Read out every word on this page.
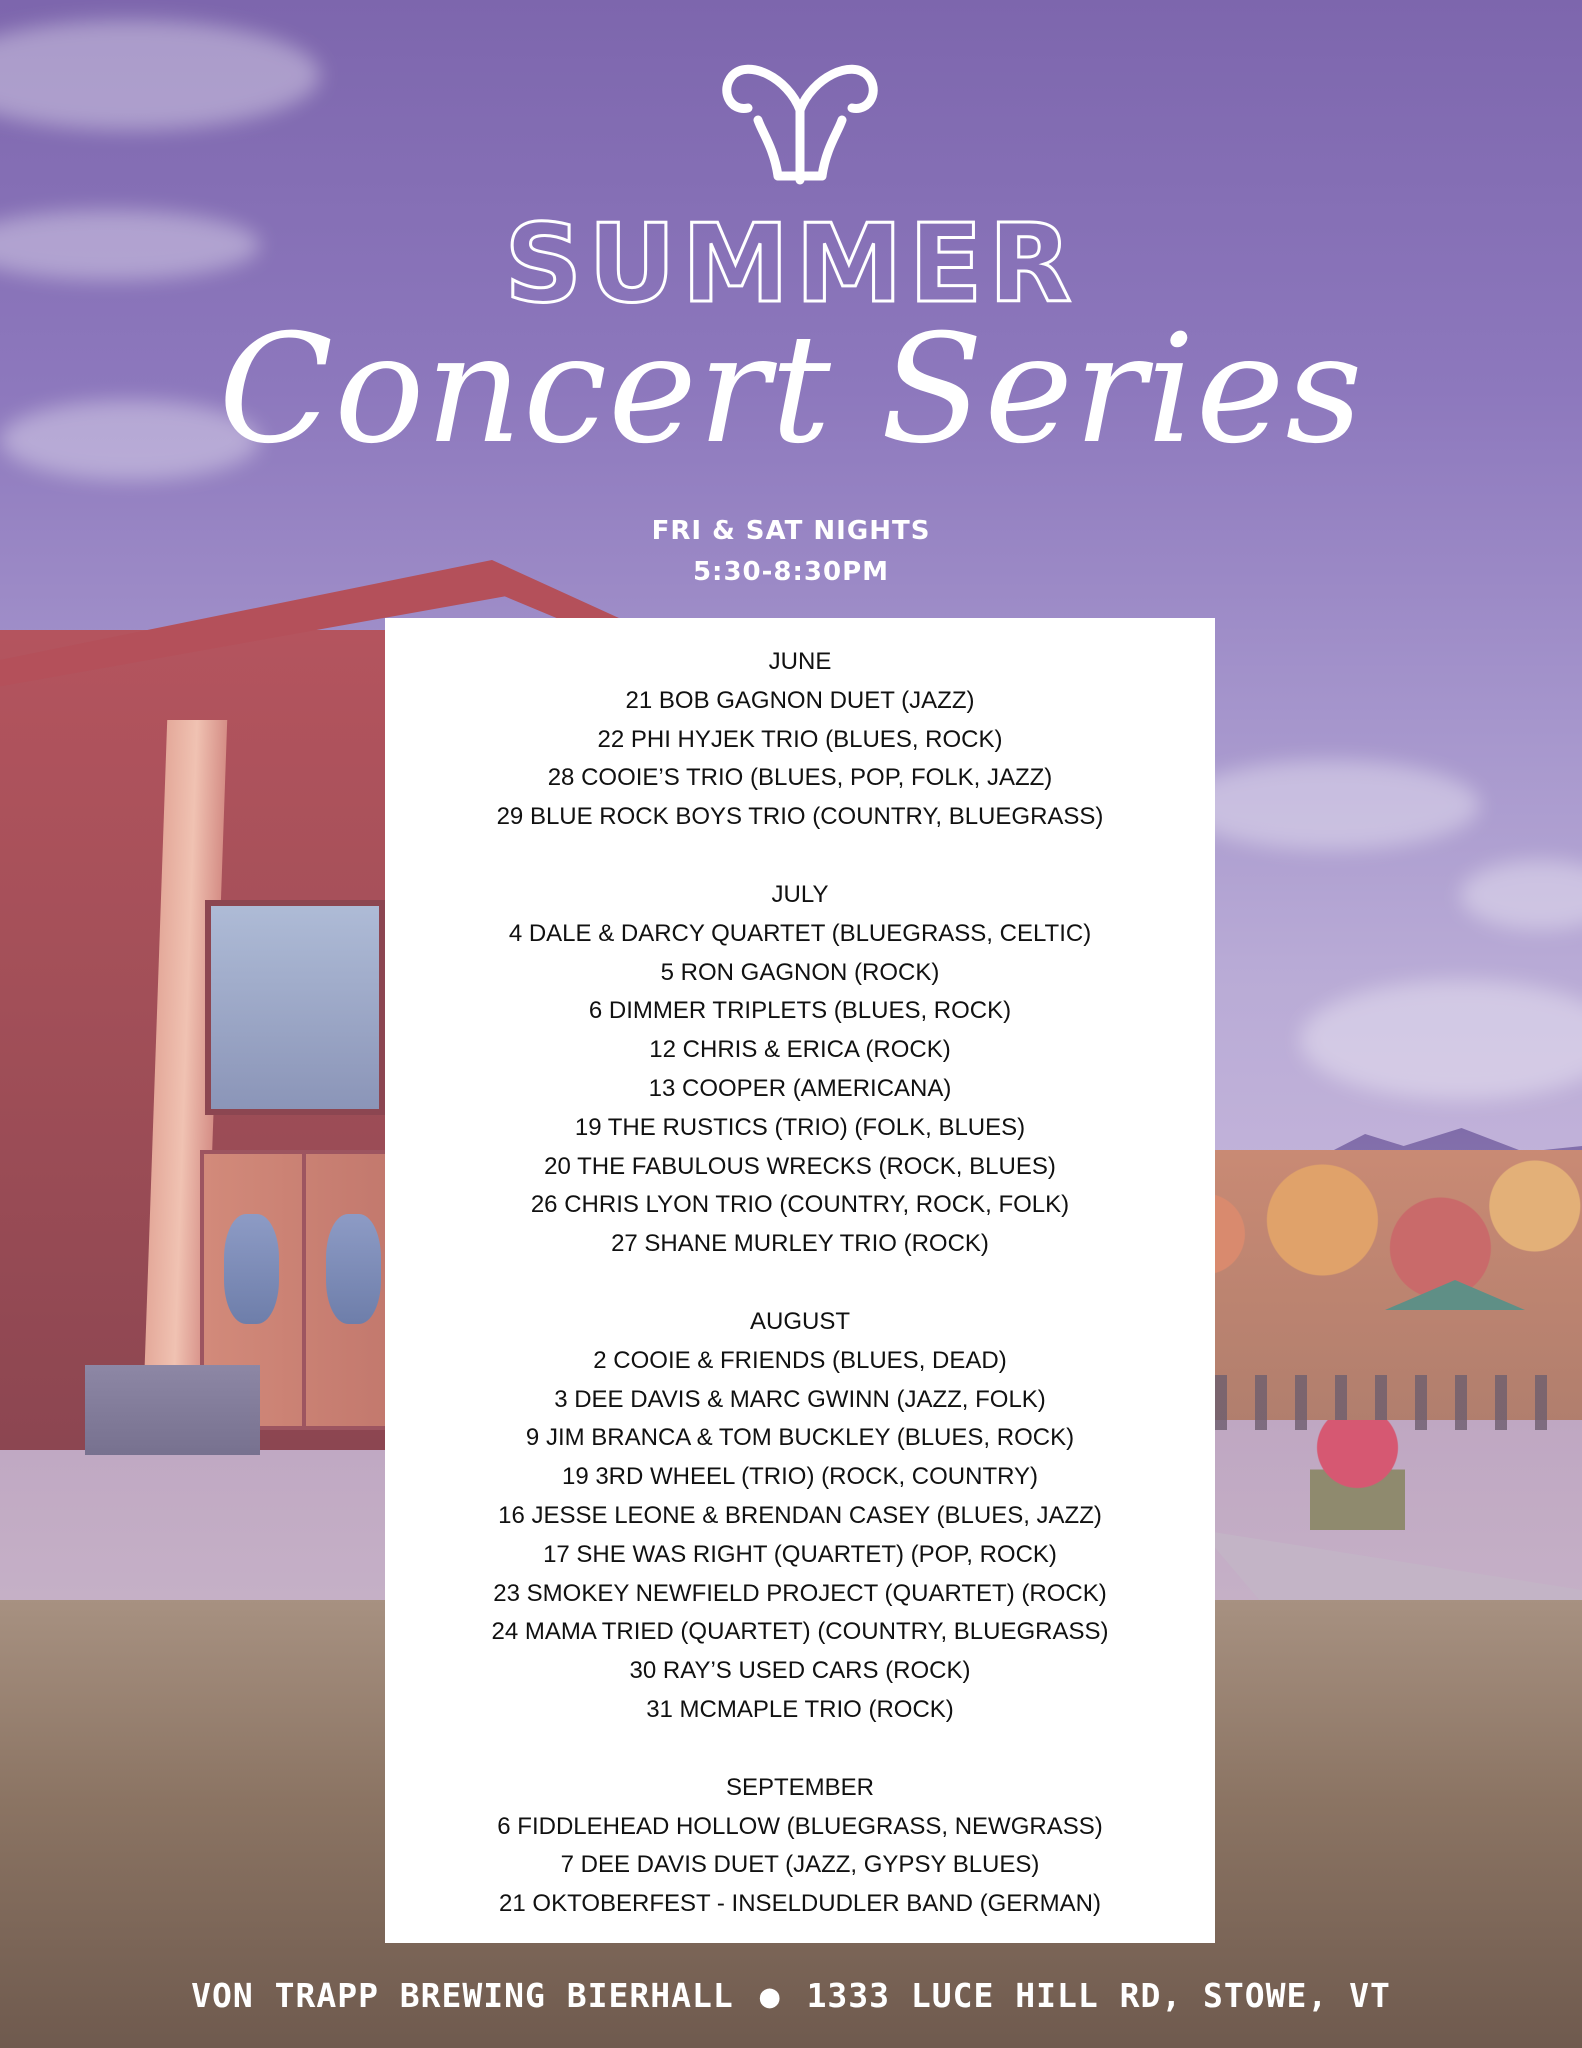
SUMMER
Concert Series
FRI & SAT NIGHTS
5:30-8:30PM
JUNE
21 BOB GAGNON DUET (JAZZ)
22 PHI HYJEK TRIO (BLUES, ROCK)
28 COOIE’S TRIO (BLUES, POP, FOLK, JAZZ)
29 BLUE ROCK BOYS TRIO (COUNTRY, BLUEGRASS)
JULY
4 DALE & DARCY QUARTET (BLUEGRASS, CELTIC)
5 RON GAGNON (ROCK)
6 DIMMER TRIPLETS (BLUES, ROCK)
12 CHRIS & ERICA (ROCK)
13 COOPER (AMERICANA)
19 THE RUSTICS (TRIO) (FOLK, BLUES)
20 THE FABULOUS WRECKS (ROCK, BLUES)
26 CHRIS LYON TRIO (COUNTRY, ROCK, FOLK)
27 SHANE MURLEY TRIO (ROCK)
AUGUST
2 COOIE & FRIENDS (BLUES, DEAD)
3 DEE DAVIS & MARC GWINN (JAZZ, FOLK)
9 JIM BRANCA & TOM BUCKLEY (BLUES, ROCK)
19 3RD WHEEL (TRIO) (ROCK, COUNTRY)
16 JESSE LEONE & BRENDAN CASEY (BLUES, JAZZ)
17 SHE WAS RIGHT (QUARTET) (POP, ROCK)
23 SMOKEY NEWFIELD PROJECT (QUARTET) (ROCK)
24 MAMA TRIED (QUARTET) (COUNTRY, BLUEGRASS)
30 RAY’S USED CARS (ROCK)
31 MCMAPLE TRIO (ROCK)
SEPTEMBER
6 FIDDLEHEAD HOLLOW (BLUEGRASS, NEWGRASS)
7 DEE DAVIS DUET (JAZZ, GYPSY BLUES)
21 OKTOBERFEST - INSELDUDLER BAND (GERMAN)
VON TRAPP BREWING BIERHALL ● 1333 LUCE HILL RD, STOWE, VT
